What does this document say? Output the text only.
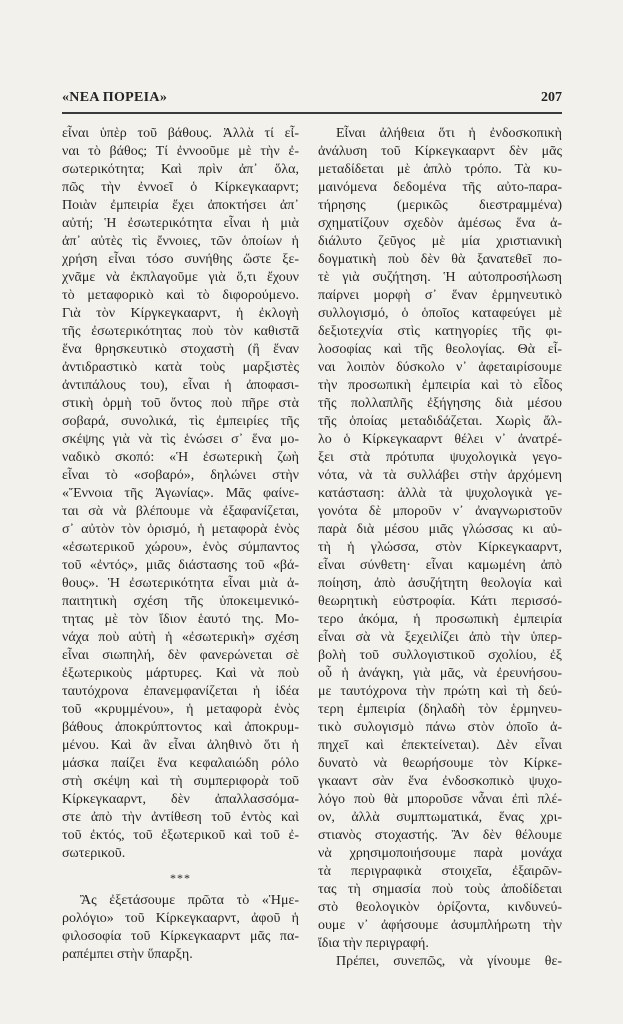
«ΝΕΑ ΠΟΡΕΙΑ»	207
εἶναι ὑπὲρ τοῦ βάθους. Ἀλλὰ τί εἶ-
ναι τὸ βάθος; Τί ἐννοοῦμε μὲ τὴν ἐ-
σωτερικότητα; Καὶ πρὶν ἀπ᾽ ὅλα,
πῶς τὴν ἐννοεῖ ὁ Κίρκεγκααρντ;
Ποιὰν ἐμπειρία ἔχει ἀποκτήσει ἀπ᾽
αὐτή; Ἡ ἐσωτερικότητα εἶναι ἡ μιὰ
ἀπ᾽ αὐτὲς τὶς ἔννοιες, τῶν ὁποίων ἡ
χρήση εἶναι τόσο συνήθης ὥστε ξε-
χνᾶμε νὰ ἐκπλαγοῦμε γιὰ ὅ,τι ἔχουν
τὸ μεταφορικὸ καὶ τὸ διφορούμενο.
Γιὰ τὸν Κίργκεγκααρντ, ἡ ἐκλογὴ
τῆς ἐσωτερικότητας ποὺ τὸν καθιστᾶ
ἕνα θρησκευτικὸ στοχαστὴ (ἢ ἕναν
ἀντιδραστικὸ κατὰ τοὺς μαρξιστὲς
ἀντιπάλους του), εἶναι ἡ ἀποφασι-
στικὴ ὁρμὴ τοῦ ὄντος ποὺ πῆρε στὰ
σοβαρά, συνολικά, τὶς ἐμπειρίες τῆς
σκέψης γιὰ νὰ τὶς ἑνώσει σ᾽ ἕνα μο-
ναδικὸ σκοπό: «Ἡ ἐσωτερικὴ ζωὴ
εἶναι τὸ «σοβαρό», δηλώνει στὴν
«Ἔννοια τῆς Ἀγωνίας». Μᾶς φαίνε-
ται σὰ νὰ βλέπουμε νὰ ἐξαφανίζεται,
σ᾽ αὐτὸν τὸν ὁρισμό, ἡ μεταφορὰ ἑνὸς
«ἐσωτερικοῦ χώρου», ἑνὸς σύμπαντος
τοῦ «ἐντός», μιᾶς διάστασης τοῦ «βά-
θους». Ἡ ἐσωτερικότητα εἶναι μιὰ ἀ-
παιτητικὴ σχέση τῆς ὑποκειμενικό-
τητας μὲ τὸν ἴδιον ἑαυτό της. Μο-
νάχα ποὺ αὐτὴ ἡ «ἐσωτερικὴ» σχέση
εἶναι σιωπηλή, δὲν φανερώνεται σὲ
ἐξωτερικοὺς μάρτυρες. Καὶ νὰ ποὺ
ταυτόχρονα ἐπανεμφανίζεται ἡ ἰδέα
τοῦ «κρυμμένου», ἡ μεταφορὰ ἑνὸς
βάθους ἀποκρύπτοντος καὶ ἀποκρυμ-
μένου. Καὶ ἂν εἶναι ἀληθινὸ ὅτι ἡ
μάσκα παίζει ἕνα κεφαλαιώδη ρόλο
στὴ σκέψη καὶ τὴ συμπεριφορὰ τοῦ
Κίρκεγκααρντ, δὲν ἀπαλλασσόμα-
στε ἀπὸ τὴν ἀντίθεση τοῦ ἐντὸς καὶ
τοῦ ἐκτός, τοῦ ἐξωτερικοῦ καὶ τοῦ ἐ-
σωτερικοῦ.
***
Ἂς ἐξετάσουμε πρῶτα τὸ «Ἡμε-
ρολόγιο» τοῦ Κίρκεγκααρντ, ἀφοῦ ἡ
φιλοσοφία τοῦ Κίρκεγκααρντ μᾶς πα-
ραπέμπει στὴν ὕπαρξη.
Εἶναι ἀλήθεια ὅτι ἡ ἐνδοσκοπικὴ
ἀνάλυση τοῦ Κίρκεγκααρντ δὲν μᾶς
μεταδίδεται μὲ ἁπλὸ τρόπο. Τὰ κυ-
μαινόμενα δεδομένα τῆς αὐτο-παρα-
τήρησης (μερικῶς διεστραμμένα)
σχηματίζουν σχεδὸν ἀμέσως ἕνα ἀ-
διάλυτο ζεῦγος μὲ μία χριστιανικὴ
δογματικὴ ποὺ δὲν θὰ ξανατεθεῖ πο-
τὲ γιὰ συζήτηση. Ἡ αὐτοπροσήλωση
παίρνει μορφὴ σ᾽ ἕναν ἑρμηνευτικὸ
συλλογισμό, ὁ ὁποῖος καταφεύγει μὲ
δεξιοτεχνία στὶς κατηγορίες τῆς φι-
λοσοφίας καὶ τῆς θεολογίας. Θὰ εἶ-
ναι λοιπὸν δύσκολο ν᾽ ἀφεταιρίσουμε
τὴν προσωπικὴ ἐμπειρία καὶ τὸ εἶδος
τῆς πολλαπλῆς ἐξήγησης διὰ μέσου
τῆς ὁποίας μεταδιδάζεται. Χωρὶς ἄλ-
λο ὁ Κίρκεγκααρντ θέλει ν᾽ ἀνατρέ-
ξει στὰ πρότυπα ψυχολογικὰ γεγο-
νότα, νὰ τὰ συλλάβει στὴν ἀρχόμενη
κατάσταση: ἀλλὰ τὰ ψυχολογικὰ γε-
γονότα δὲ μποροῦν ν᾽ ἀναγνωριστοῦν
παρὰ διὰ μέσου μιᾶς γλώσσας κι αὐ-
τὴ ἡ γλώσσα, στὸν Κίρκεγκααρντ,
εἶναι σύνθετη· εἶναι καμωμένη ἀπὸ
ποίηση, ἀπὸ ἀσυζήτητη θεολογία καὶ
θεωρητικὴ εὐστροφία. Κάτι περισσό-
τερο ἀκόμα, ἡ προσωπικὴ ἐμπειρία
εἶναι σὰ νὰ ξεχειλίζει ἀπὸ τὴν ὑπερ-
βολὴ τοῦ συλλογιστικοῦ σχολίου, ἐξ
οὗ ἡ ἀνάγκη, γιὰ μᾶς, νὰ ἐρευνήσου-
με ταυτόχρονα τὴν πρώτη καὶ τὴ δεύ-
τερη ἐμπειρία (δηλαδὴ τὸν ἑρμηνευ-
τικὸ συλογισμὸ πάνω στὸν ὁποῖο ἀ-
πηχεῖ καὶ ἐπεκτείνεται). Δὲν εἶναι
δυνατὸ νὰ θεωρήσουμε τὸν Κίρκε-
γκααντ σὰν ἕνα ἐνδοσκοπικὸ ψυχο-
λόγο ποὺ θὰ μποροῦσε νἆναι ἐπὶ πλέ-
ον, ἀλλὰ συμπτωματικά, ἕνας χρι-
στιανὸς στοχαστής. Ἂν δὲν θέλουμε
νὰ χρησιμοποιήσουμε παρὰ μονάχα
τὰ περιγραφικὰ στοιχεῖα, ἐξαιρῶν-
τας τὴ σημασία ποὺ τοὺς ἀποδίδεται
στὸ θεολογικὸν ὁρίζοντα, κινδυνεύ-
ουμε ν᾽ ἀφήσουμε ἀσυμπλήρωτη τὴν
ἴδια τὴν περιγραφή.
Πρέπει, συνεπῶς, νὰ γίνουμε θε-
